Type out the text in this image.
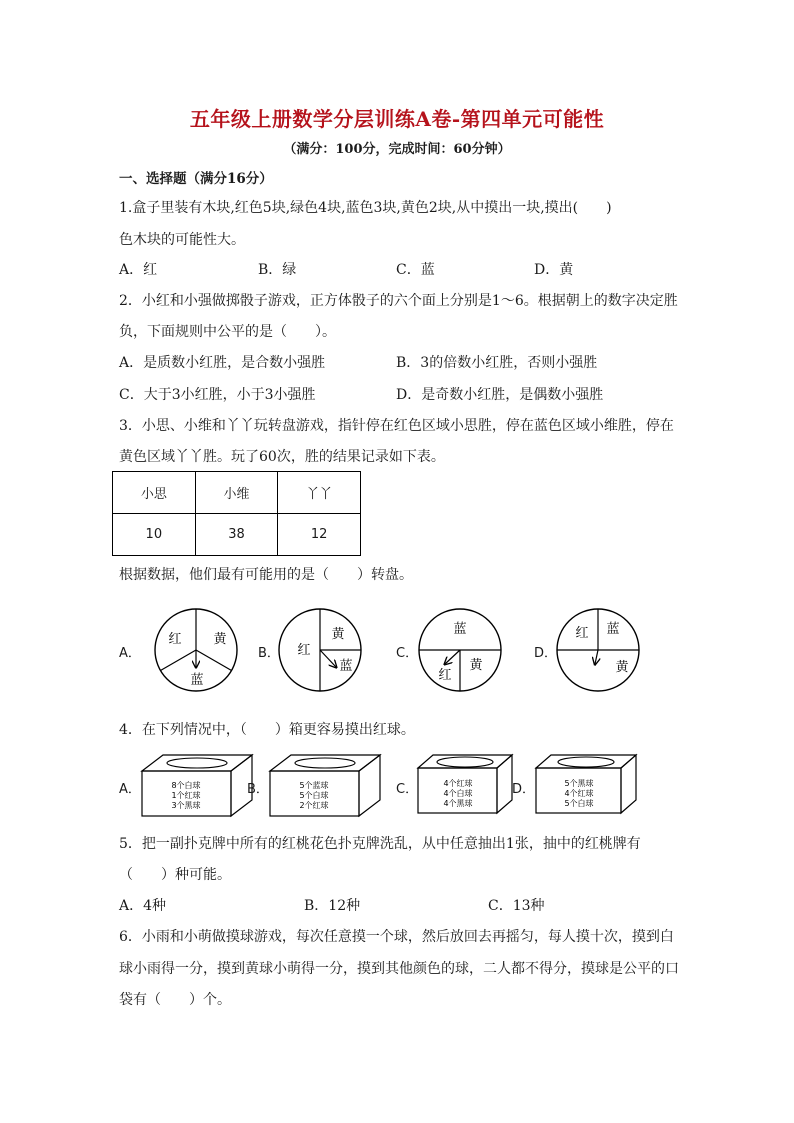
五年级上册数学分层训练A卷-第四单元可能性
（满分：100分，完成时间：60分钟）
一、选择题（满分16分）
1.盒子里装有木块,红色5块,绿色4块,蓝色3块,黄色2块,从中摸出一块,摸出(　　)
色木块的可能性大。
A．红	B．绿	C．蓝	D．黄
2．小红和小强做掷骰子游戏，正方体骰子的六个面上分别是1～6。根据朝上的数字决定胜
负，下面规则中公平的是（　　）。
A．是质数小红胜，是合数小强胜	B．3的倍数小红胜，否则小强胜
C．大于3小红胜，小于3小强胜	D．是奇数小红胜，是偶数小强胜
3．小思、小维和丫丫玩转盘游戏，指针停在红色区域小思胜，停在蓝色区域小维胜，停在
黄色区域丫丫胜。玩了60次，胜的结果记录如下表。
小思	小维	丫丫
10	38	12
根据数据，他们最有可能用的是（　　）转盘。
A．	B．	C．	D．
红 黄
蓝
红
黄
蓝
蓝
红
黄
红 蓝
黄
8个白球
1个红球
3个黑球
5个蓝球
5个白球
2个红球
4个红球
4个白球
4个黑球
5个黑球
4个红球
5个白球
4．在下列情况中，（　　）箱更容易摸出红球。
A．	B．	C．	D．
5．把一副扑克牌中所有的红桃花色扑克牌洗乱，从中任意抽出1张，抽中的红桃牌有
（　　）种可能。
A．4种	B．12种	C．13种
6．小雨和小萌做摸球游戏，每次任意摸一个球，然后放回去再摇匀，每人摸十次，摸到白
球小雨得一分，摸到黄球小萌得一分，摸到其他颜色的球，二人都不得分，摸球是公平的口
袋有（　　）个。
